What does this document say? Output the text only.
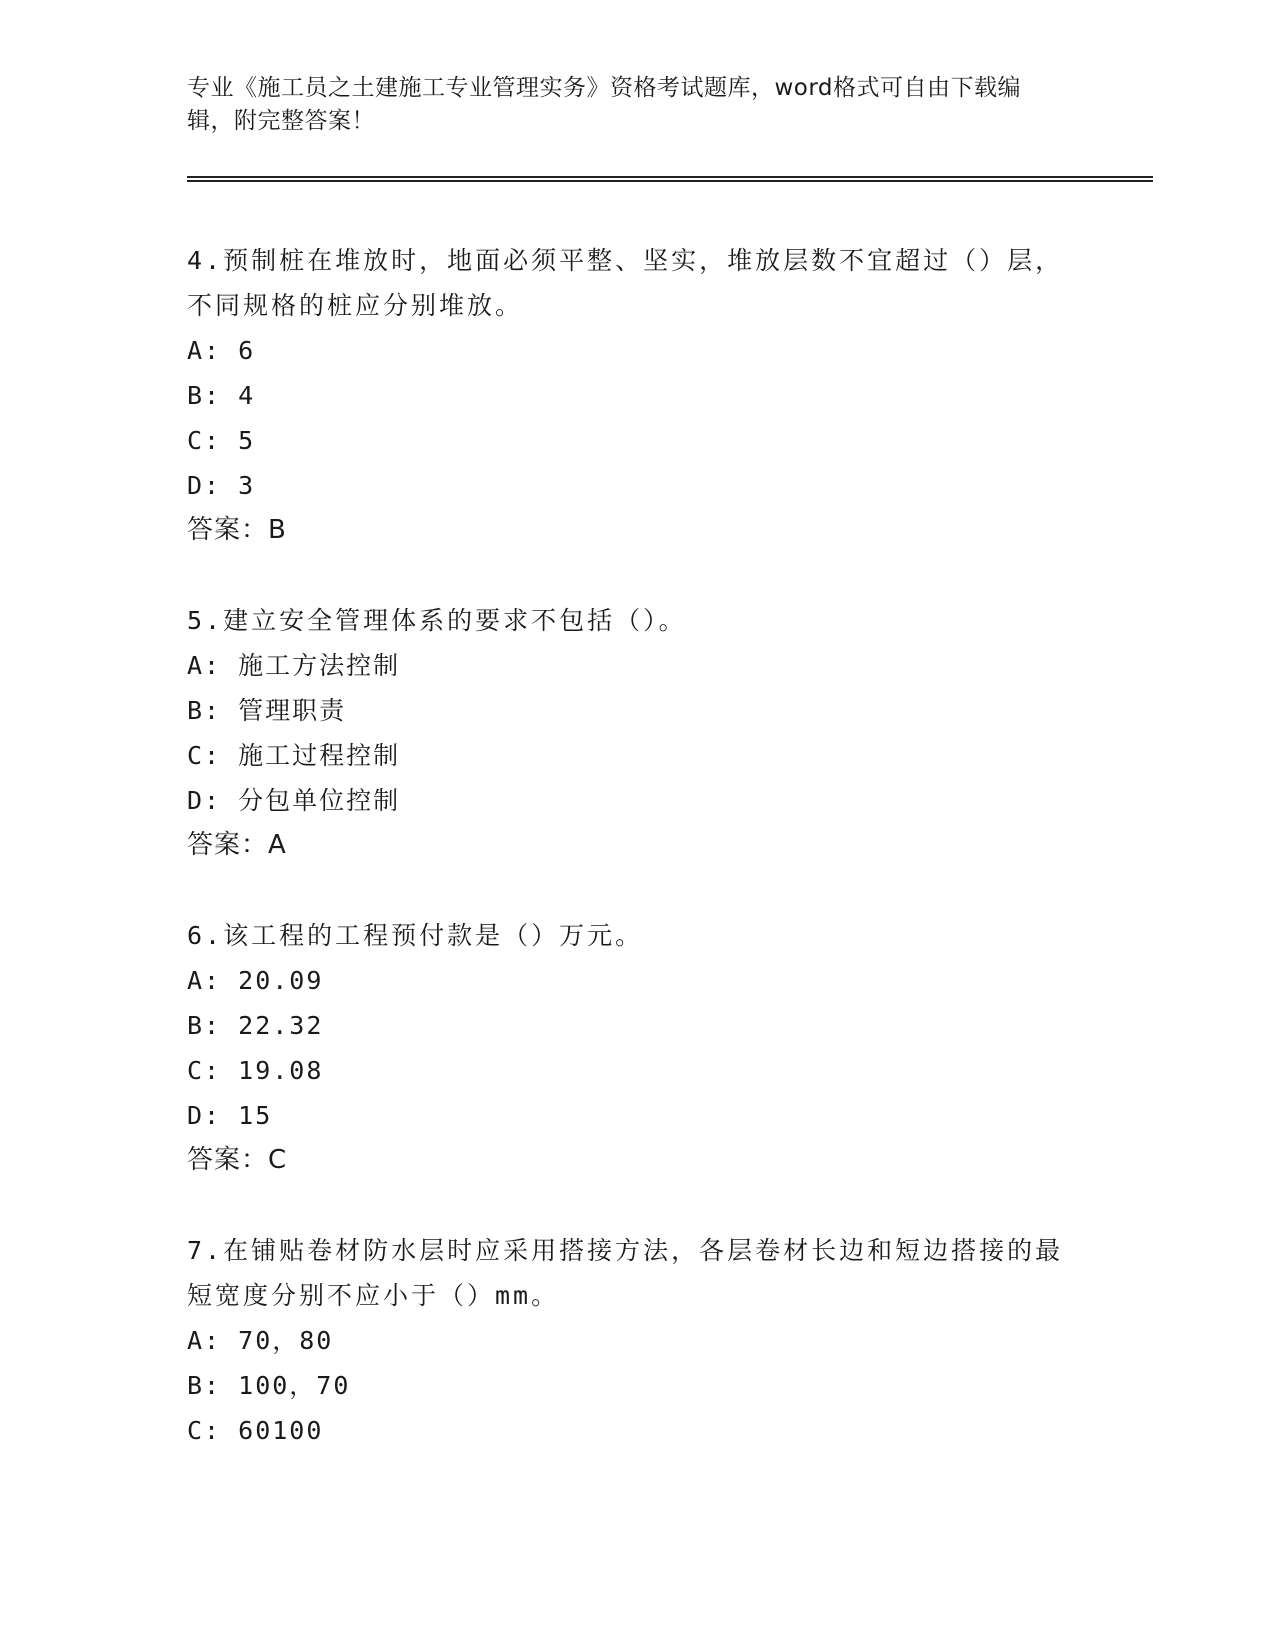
专业《施工员之土建施工专业管理实务》资格考试题库，word格式可自由下载编辑，附完整答案！
4.预制桩在堆放时，地面必须平整、坚实，堆放层数不宜超过（）层，不同规格的桩应分别堆放。
A: 6
B: 4
C: 5
D: 3
答案：B
5.建立安全管理体系的要求不包括（）。
A: 施工方法控制
B: 管理职责
C: 施工过程控制
D: 分包单位控制
答案：A
6.该工程的工程预付款是（）万元。
A: 20.09
B: 22.32
C: 19.08
D: 15
答案：C
7.在铺贴卷材防水层时应采用搭接方法，各层卷材长边和短边搭接的最短宽度分别不应小于（）mm。
A: 70，80
B: 100，70
C: 60100
